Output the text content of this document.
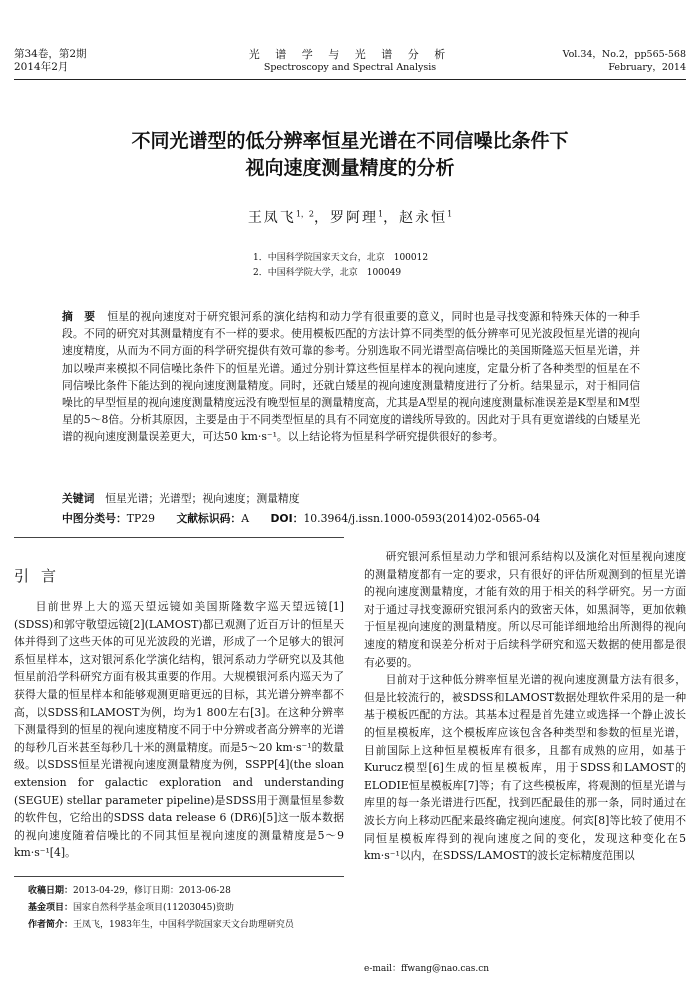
第34卷，第2期
2014年2月
光 谱 学 与 光 谱 分 析
Spectroscopy and Spectral Analysis
Vol.34，No.2，pp565-568
February，2014
不同光谱型的低分辨率恒星光谱在不同信噪比条件下
视向速度测量精度的分析
王凤飞$^{1,2}$，罗阿理$^1$，赵永恒$^1$
1．中国科学院国家天文台，北京　100012
2．中国科学院大学，北京　100049
摘　要 恒星的视向速度对于研究银河系的演化结构和动力学有很重要的意义，同时也是寻找变源和特殊天体的一种手段。不同的研究对其测量精度有不一样的要求。使用模板匹配的方法计算不同类型的低分辨率可见光波段恒星光谱的视向速度精度，从而为不同方面的科学研究提供有效可靠的参考。分别选取不同光谱型高信噪比的美国斯隆巡天恒星光谱，并加以噪声来模拟不同信噪比条件下的恒星光谱。通过分别计算这些恒星样本的视向速度，定量分析了各种类型的恒星在不同信噪比条件下能达到的视向速度测量精度。同时，还就白矮星的视向速度测量精度进行了分析。结果显示，对于相同信噪比的早型恒星的视向速度测量精度远没有晚型恒星的测量精度高，尤其是A型星的视向速度测量标准误差是K型星和M型星的5～8倍。分析其原因，主要是由于不同类型恒星的具有不同宽度的谱线所导致的。因此对于具有更宽谱线的白矮星光谱的视向速度测量误差更大，可达50 km·s⁻¹。以上结论将为恒星科学研究提供很好的参考。
关键词　 恒星光谱；光谱型；视向速度；测量精度
中图分类号：TP29 文献标识码：A DOI：10.3964/j.issn.1000-0593(2014)02-0565-04
引言

目前世界上大的巡天望远镜如美国斯隆数字巡天望远镜[1](SDSS)和郭守敬望远镜[2](LAMOST)都已观测了近百万计的恒星天体并得到了这些天体的可见光波段的光谱，形成了一个足够大的银河系恒星样本，这对银河系化学演化结构，银河系动力学研究以及其他恒星前沿学科研究方面有极其重要的作用。大规模银河系内巡天为了获得大量的恒星样本和能够观测更暗更远的目标，其光谱分辨率都不高，以SDSS和LAMOST为例，均为1 800左右[3]。在这种分辨率下测量得到的恒星的视向速度精度不同于中分辨或者高分辨率的光谱的每秒几百米甚至每秒几十米的测量精度。而是5～20 km·s⁻¹的数量级。以SDSS恒星光谱视向速度测量精度为例，SSPP[4](the sloan extension for galactic exploration and understanding (SEGUE) stellar parameter pipeline)是SDSS用于测量恒星参数的软件包，它给出的SDSS data release 6 (DR6)[5]这一版本数据的视向速度随着信噪比的不同其恒星视向速度的测量精度是5～9 km·s⁻¹[4]。

研究银河系恒星动力学和银河系结构以及演化对恒星视向速度的测量精度都有一定的要求，只有很好的评估所观测到的恒星光谱的视向速度测量精度，才能有效的用于相关的科学研究。另一方面对于通过寻找变源研究银河系内的致密天体，如黑洞等，更加依赖于恒星视向速度的测量精度。所以尽可能详细地给出所测得的视向速度的精度和误差分析对于后续科学研究和巡天数据的使用都是很有必要的。

目前对于这种低分辨率恒星光谱的视向速度测量方法有很多，但是比较流行的，被SDSS和LAMOST数据处理软件采用的是一种基于模板匹配的方法。其基本过程是首先建立或选择一个静止波长的恒星模板库，这个模板库应该包含各种类型和参数的恒星光谱，目前国际上这种恒星模板库有很多，且都有成熟的应用，如基于Kurucz模型[6]生成的恒星模板库，用于SDSS和LAMOST的ELODIE恒星模板库[7]等；有了这些模板库，将观测的恒星光谱与库里的每一条光谱进行匹配，找到匹配最佳的那一条，同时通过在波长方向上移动匹配来最终确定视向速度。何宾[8]等比较了使用不同恒星模板库得到的视向速度之间的变化，发现这种变化在5 km·s⁻¹以内，在SDSS/LAMOST的波长定标精度范围以

收稿日期：2013-04-29，修订日期：2013-06-28
基金项目：国家自然科学基金项目(11203045)资助
作者简介：王凤飞，1983年生，中国科学院国家天文台助理研究员
e-mail：ffwang@nao.cas.cn
